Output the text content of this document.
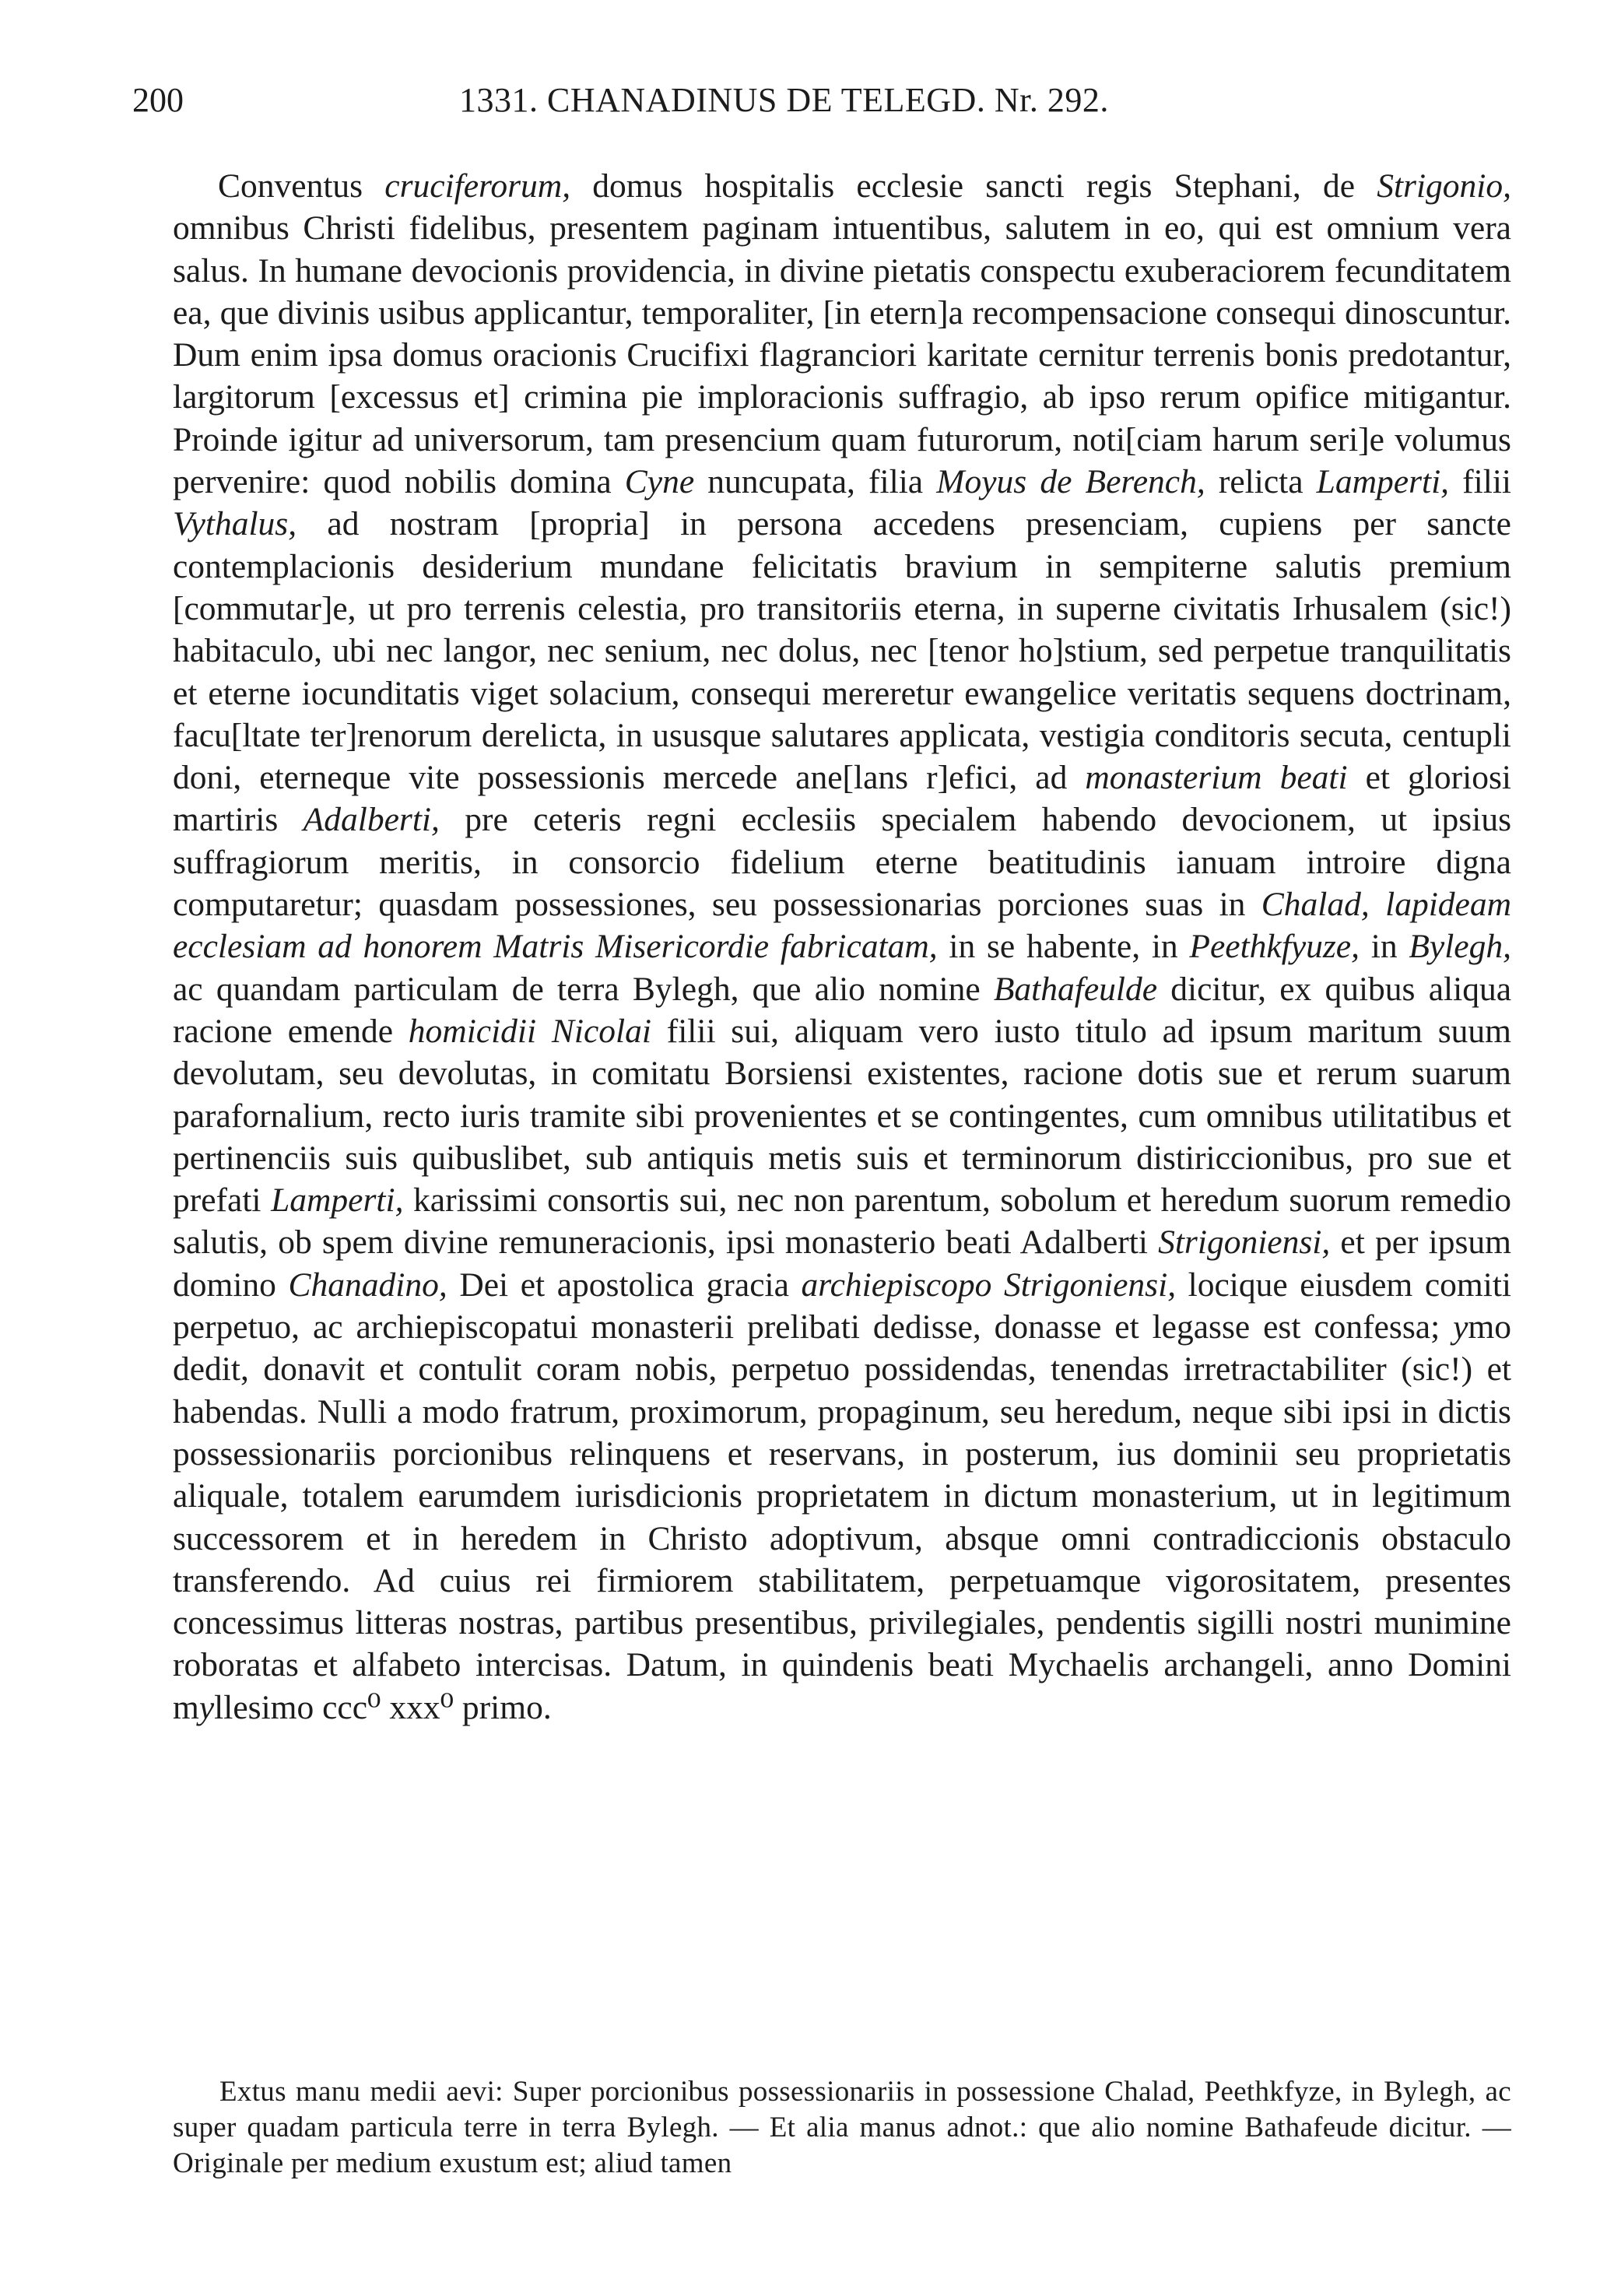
200	1331. CHANADINUS DE TELEGD. Nr. 292.

Conventus cruciferorum, domus hospitalis ecclesie sancti regis Stephani, de Strigonio, omnibus Christi fidelibus, presentem paginam intuentibus, salutem in eo, qui est omnium vera salus. In humane devocionis providencia, in divine pietatis conspectu exuberaciorem fecunditatem ea, que divinis usibus applicantur, temporaliter, [in etern]a recompensacione consequi dinoscuntur. Dum enim ipsa domus oracionis Crucifixi flagranciori karitate cernitur terrenis bonis predotantur, largitorum [excessus et] crimina pie imploracionis suffragio, ab ipso rerum opifice mitigantur. Proinde igitur ad universorum, tam presencium quam futurorum, noti[ciam harum seri]e volumus pervenire: quod nobilis domina Cyne nuncupata, filia Moyus de Berench, relicta Lamperti, filii Vythalus, ad nostram [propria] in persona accedens presenciam, cupiens per sancte contemplacionis desiderium mundane felicitatis bravium in sempiterne salutis premium [commutar]e, ut pro terrenis celestia, pro transitoriis eterna, in superne civitatis Irhusalem (sic!) habitaculo, ubi nec langor, nec senium, nec dolus, nec [tenor ho]stium, sed perpetue tranquilitatis et eterne iocunditatis viget solacium, consequi mereretur ewangelice veritatis sequens doctrinam, facu[ltate ter]renorum derelicta, in ususque salutares applicata, vestigia conditoris secuta, centupli doni, eterneque vite possessionis mercede ane[lans r]efici, ad monasterium beati et gloriosi martiris Adalberti, pre ceteris regni ecclesiis specialem habendo devocionem, ut ipsius suffragiorum meritis, in consorcio fidelium eterne beatitudinis ianuam introire digna computaretur; quasdam possessiones, seu possessionarias porciones suas in Chalad, lapideam ecclesiam ad honorem Matris Misericordie fabricatam, in se habente, in Peethkfyuze, in Bylegh, ac quandam particulam de terra Bylegh, que alio nomine Bathafeulde dicitur, ex quibus aliqua racione emende homicidii Nicolai filii sui, aliquam vero iusto titulo ad ipsum maritum suum devolutam, seu devolutas, in comitatu Borsiensi existentes, racione dotis sue et rerum suarum parafornalium, recto iuris tramite sibi provenientes et se contingentes, cum omnibus utilitatibus et pertinenciis suis quibuslibet, sub antiquis metis suis et terminorum distiriccionibus, pro sue et prefati Lamperti, karissimi consortis sui, nec non parentum, sobolum et heredum suorum remedio salutis, ob spem divine remuneracionis, ipsi monasterio beati Adalberti Strigoniensi, et per ipsum domino Chanadino, Dei et apostolica gracia archiepiscopo Strigoniensi, locique eiusdem comiti perpetuo, ac archiepiscopatui monasterii prelibati dedisse, donasse et legasse est confessa; ymo dedit, donavit et contulit coram nobis, perpetuo possidendas, tenendas irretractabiliter (sic!) et habendas. Nulli a modo fratrum, proximorum, propaginum, seu heredum, neque sibi ipsi in dictis possessionariis porcionibus relinquens et reservans, in posterum, ius dominii seu proprietatis aliquale, totalem earumdem iurisdicionis proprietatem in dictum monasterium, ut in legitimum successorem et in heredem in Christo adoptivum, absque omni contradiccionis obstaculo transferendo. Ad cuius rei firmiorem stabilitatem, perpetuamque vigorositatem, presentes concessimus litteras nostras, partibus presentibus, privilegiales, pendentis sigilli nostri munimine roboratas et alfabeto intercisas. Datum, in quindenis beati Mychaelis archangeli, anno Domini myllesimo ccc⁰ xxx⁰ primo.

Extus manu medii aevi: Super porcionibus possessionariis in possessione Chalad, Peethkfyze, in Bylegh, ac super quadam particula terre in terra Bylegh. — Et alia manus adnot.: que alio nomine Bathafeude dicitur. — Originale per medium exustum est; aliud tamen
